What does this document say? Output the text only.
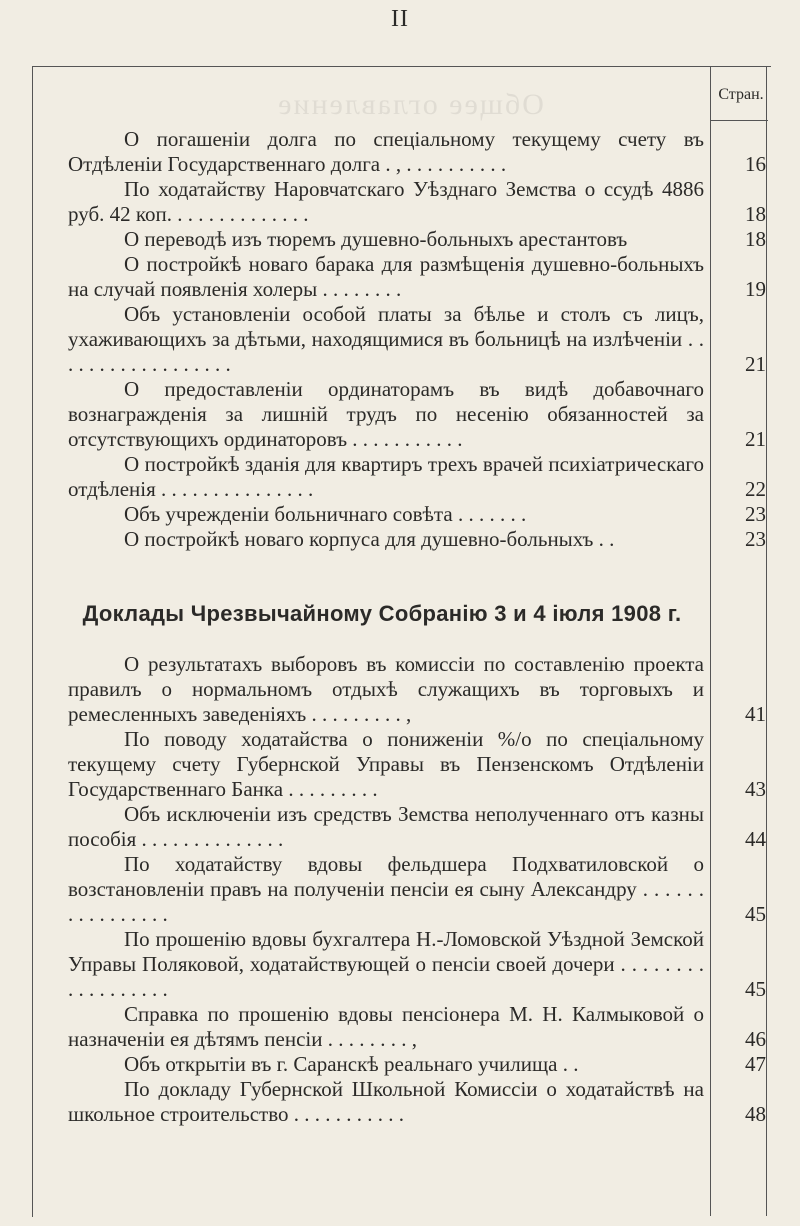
II
Общее оглавление	Стран.
О погашеніи долга по спеціальному текущему счету въ Отдѣленіи Государственнаго долга . , . . . . . . . . . .	16
По ходатайству Наровчатскаго Уѣзднаго Земства о ссудѣ 4886 руб. 42 коп. . . . . . . . . . . . . .	18
О переводѣ изъ тюремъ душевно-больныхъ арестантовъ	18
О постройкѣ новаго барака для размѣщенія душевно-больныхъ на случай появленія холеры . . . . . . . .	19
Объ установленіи особой платы за бѣлье и столъ съ лицъ, ухаживающихъ за дѣтьми, находящимися въ больницѣ на излѣченіи . . . . . . . . . . . . . . . . . .	21
О предоставленіи ординаторамъ въ видѣ добавочнаго вознагражденія за лишній трудъ по несенію обязанностей за отсутствующихъ ординаторовъ . . . . . . . . . . .	21
О постройкѣ зданія для квартиръ трехъ врачей психіатрическаго отдѣленія . . . . . . . . . . . . . . .	22
Объ учрежденіи больничнаго совѣта . . . . . . .	23
О постройкѣ новаго корпуса для душевно-больныхъ . .	23
Доклады Чрезвычайному Собранію 3 и 4 іюля 1908 г.
О результатахъ выборовъ въ комиссіи по составленію проекта правилъ о нормальномъ отдыхѣ служащихъ въ торговыхъ и ремесленныхъ заведеніяхъ . . . . . . . . . ,	41
По поводу ходатайства о пониженіи %/о по спеціальному текущему счету Губернской Управы въ Пензенскомъ Отдѣленіи Государственнаго Банка . . . . . . . . .	43
Объ исключеніи изъ средствъ Земства неполученнаго отъ казны пособія . . . . . . . . . . . . . .	44
По ходатайству вдовы фельдшера Подхватиловской о возстановленіи правъ на полученіи пенсіи ея сыну Александру . . . . . . . . . . . . . . . .	45
По прошенію вдовы бухгалтера Н.-Ломовской Уѣздной Земской Управы Поляковой, ходатайствующей о пенсіи своей дочери . . . . . . . . . . . . . . . . . .	45
Справка по прошенію вдовы пенсіонера М. Н. Калмыковой о назначеніи ея дѣтямъ пенсіи . . . . . . . . ,	46
Объ открытіи въ г. Саранскѣ реальнаго училища . .	47
По докладу Губернской Школьной Комиссіи о ходатайствѣ на школьное строительство . . . . . . . . . . .	48
